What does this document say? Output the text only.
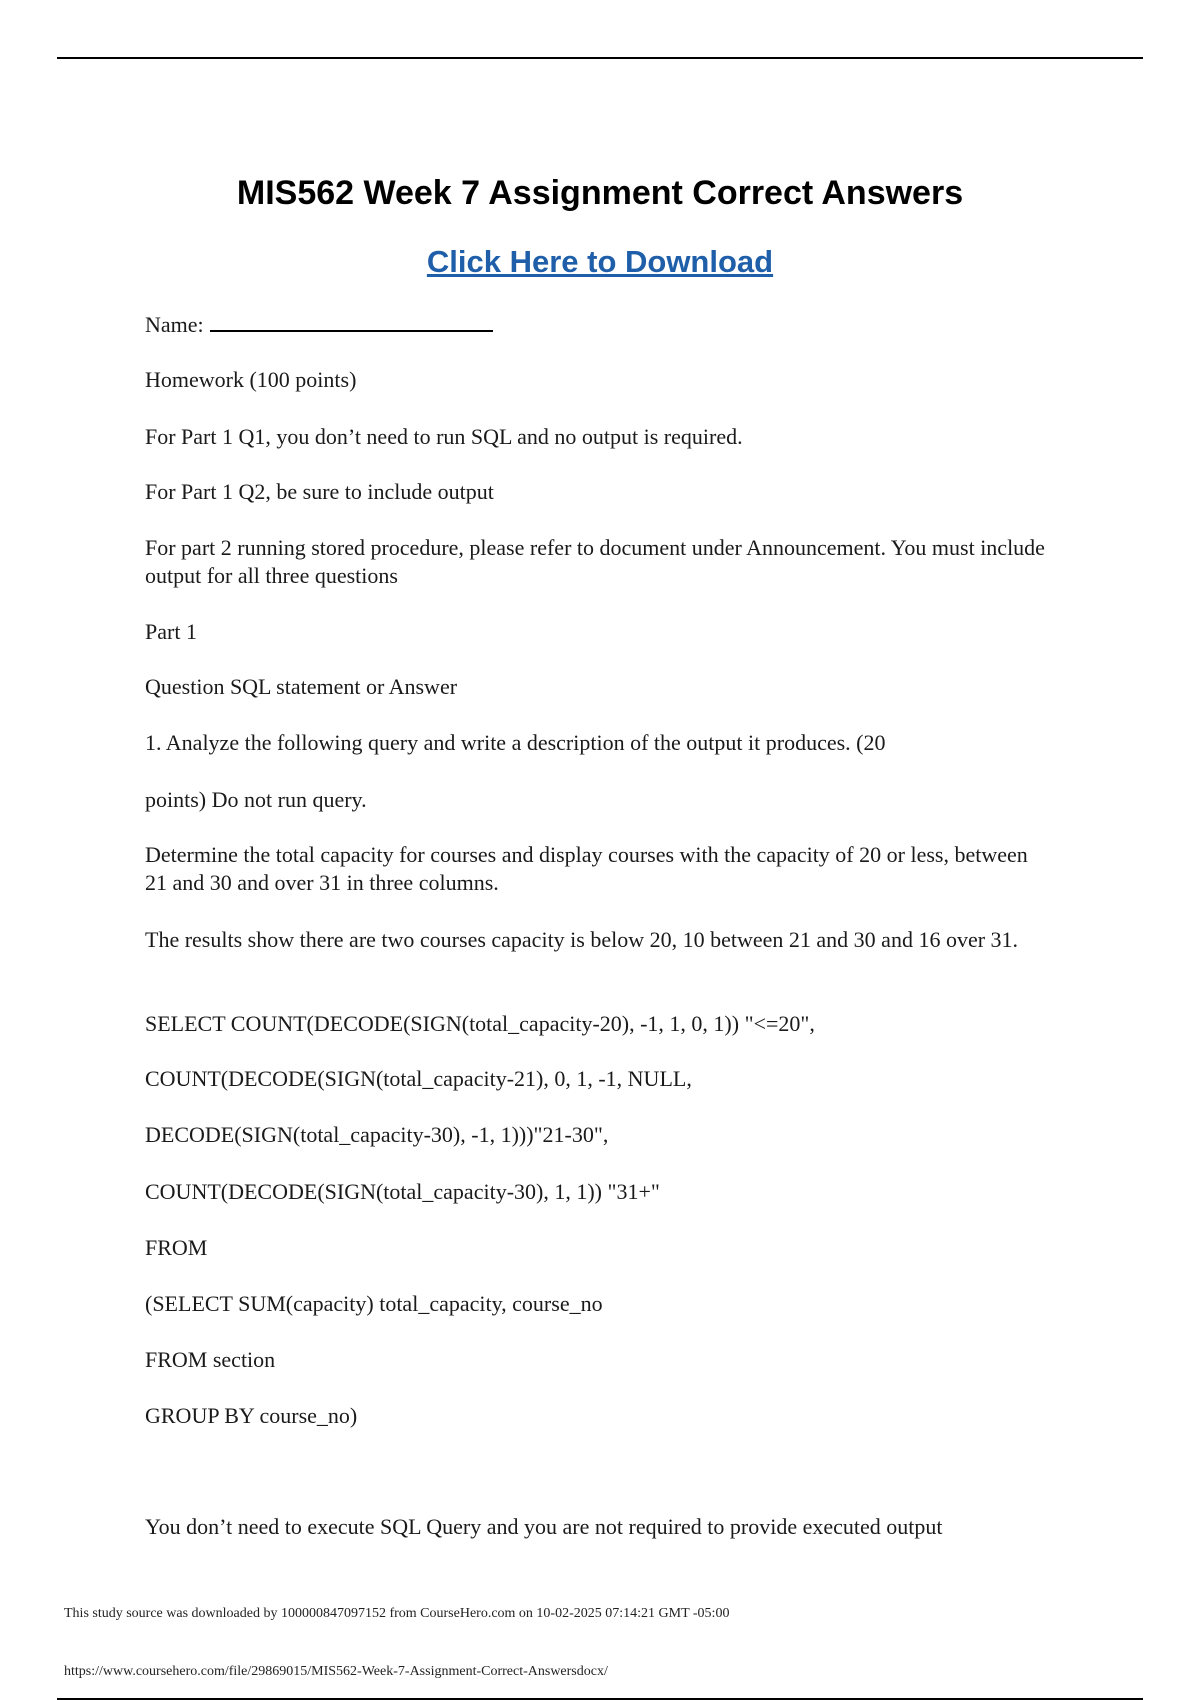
MIS562 Week 7 Assignment Correct Answers
Click Here to Download
Name:
Homework (100 points)
For Part 1 Q1, you don’t need to run SQL and no output is required.
For Part 1 Q2, be sure to include output
For part 2 running stored procedure, please refer to document under Announcement. You must include output for all three questions
Part 1
Question SQL statement or Answer
1. Analyze the following query and write a description of the output it produces. (20
points) Do not run query.
Determine the total capacity for courses and display courses with the capacity of 20 or less, between 21 and 30 and over 31 in three columns.
The results show there are two courses capacity is below 20, 10 between 21 and 30 and 16 over 31.
SELECT COUNT(DECODE(SIGN(total_capacity-20), -1, 1, 0, 1)) "<=20",
COUNT(DECODE(SIGN(total_capacity-21), 0, 1, -1, NULL,
DECODE(SIGN(total_capacity-30), -1, 1)))"21-30",
COUNT(DECODE(SIGN(total_capacity-30), 1, 1)) "31+"
FROM
(SELECT SUM(capacity) total_capacity, course_no
FROM section
GROUP BY course_no)
You don’t need to execute SQL Query and you are not required to provide executed output
This study source was downloaded by 100000847097152 from CourseHero.com on 10-02-2025 07:14:21 GMT -05:00
https://www.coursehero.com/file/29869015/MIS562-Week-7-Assignment-Correct-Answersdocx/
